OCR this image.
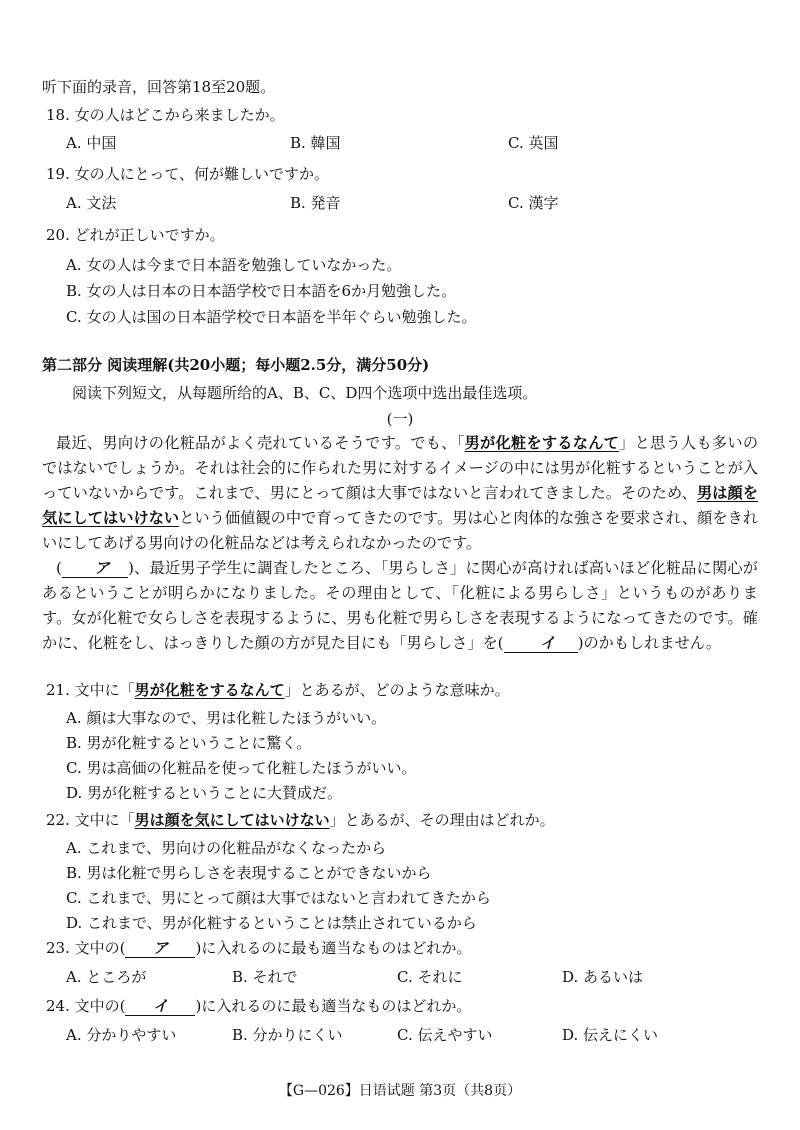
听下面的录音，回答第18至20题。
18. 女の人はどこから来ましたか。
A. 中国	B. 韓国	C. 英国
19. 女の人にとって、何が難しいですか。
A. 文法	B. 発音	C. 漢字
20. どれが正しいですか。
A. 女の人は今まで日本語を勉強していなかった。
B. 女の人は日本の日本語学校で日本語を6か月勉強した。
C. 女の人は国の日本語学校で日本語を半年ぐらい勉強した。
第二部分 阅读理解(共20小题；每小题2.5分，满分50分)
阅读下列短文，从每题所给的A、B、C、D四个选项中选出最佳选项。
(一)

最近、男向けの化粧品がよく売れているそうです。でも、「男が化粧をするなんて」と思う人も多いのではないでしょうか。それは社会的に作られた男に対するイメージの中には男が化粧するということが入っていないからです。これまで、男にとって顔は大事ではないと言われてきました。そのため、男は顔を気にしてはいけないという価値観の中で育ってきたのです。男は心と肉体的な強さを要求され、顔をきれいにしてあげる男向けの化粧品などは考えられなかったのです。

( ア )、最近男子学生に調査したところ、「男らしさ」に関心が高ければ高いほど化粧品に関心があるということが明らかになりました。その理由として、「化粧による男らしさ」というものがあります。女が化粧で女らしさを表現するように、男も化粧で男らしさを表現するようになってきたのです。確かに、化粧をし、はっきりした顔の方が見た目にも「男らしさ」を( イ )のかもしれません。

21. 文中に「男が化粧をするなんて」とあるが、どのような意味か。
A. 顔は大事なので、男は化粧したほうがいい。
B. 男が化粧するということに驚く。
C. 男は高価の化粧品を使って化粧したほうがいい。
D. 男が化粧するということに大賛成だ。
22. 文中に「男は顔を気にしてはいけない」とあるが、その理由はどれか。
A. これまで、男向けの化粧品がなくなったから
B. 男は化粧で男らしさを表現することができないから
C. これまで、男にとって顔は大事ではないと言われてきたから
D. これまで、男が化粧するということは禁止されているから
23. 文中の( ア )に入れるのに最も適当なものはどれか。
A. ところが	B. それで	C. それに	D. あるいは
24. 文中の( イ )に入れるのに最も適当なものはどれか。
A. 分かりやすい	B. 分かりにくい	C. 伝えやすい	D. 伝えにくい
【G—026】日语试题 第3页（共8页）
